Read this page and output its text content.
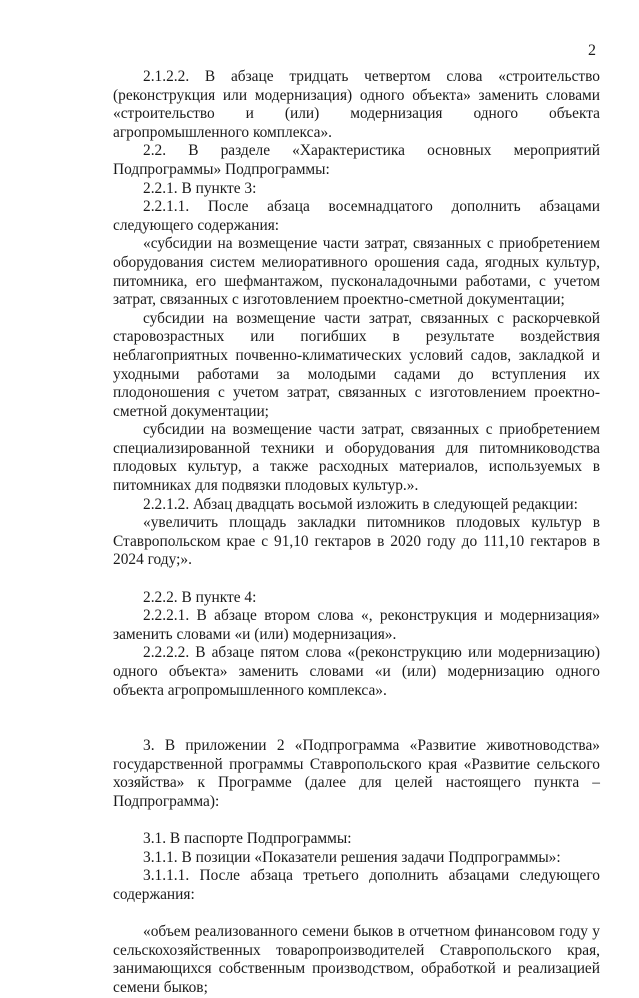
2

2.1.2.2. В абзаце тридцать четвертом слова «строительство (реконструкция или модернизация) одного объекта» заменить словами «строительство и (или) модернизация одного объекта агропромышленного комплекса».

2.2. В разделе «Характеристика основных мероприятий Подпрограммы» Подпрограммы:

2.2.1. В пункте 3:

2.2.1.1. После абзаца восемнадцатого дополнить абзацами следующего содержания:

«субсидии на возмещение части затрат, связанных с приобретением оборудования систем мелиоративного орошения сада, ягодных культур, питомника, его шефмантажом, пусконаладочными работами, с учетом затрат, связанных с изготовлением проектно-сметной документации;

субсидии на возмещение части затрат, связанных с раскорчевкой старовозрастных или погибших в результате воздействия неблагоприятных почвенно-климатических условий садов, закладкой и уходными работами за молодыми садами до вступления их плодоношения с учетом затрат, связанных с изготовлением проектно-сметной документации;

субсидии на возмещение части затрат, связанных с приобретением специализированной техники и оборудования для питомниководства плодовых культур, а также расходных материалов, используемых в питомниках для подвязки плодовых культур.».

2.2.1.2. Абзац двадцать восьмой изложить в следующей редакции:

«увеличить площадь закладки питомников плодовых культур в Ставропольском крае с 91,10 гектаров в 2020 году до 111,10 гектаров в 2024 году;».

2.2.2. В пункте 4:

2.2.2.1. В абзаце втором слова «, реконструкция и модернизация» заменить словами «и (или) модернизация».

2.2.2.2. В абзаце пятом слова «(реконструкцию или модернизацию) одного объекта» заменить словами «и (или) модернизацию одного объекта агропромышленного комплекса».

3. В приложении 2 «Подпрограмма «Развитие животноводства» государственной программы Ставропольского края «Развитие сельского хозяйства» к Программе (далее для целей настоящего пункта – Подпрограмма):

3.1. В паспорте Подпрограммы:

3.1.1. В позиции «Показатели решения задачи Подпрограммы»:

3.1.1.1. После абзаца третьего дополнить абзацами следующего содержания:

«объем реализованного семени быков в отчетном финансовом году у сельскохозяйственных товаропроизводителей Ставропольского края, занимающихся собственным производством, обработкой и реализацией семени быков;
